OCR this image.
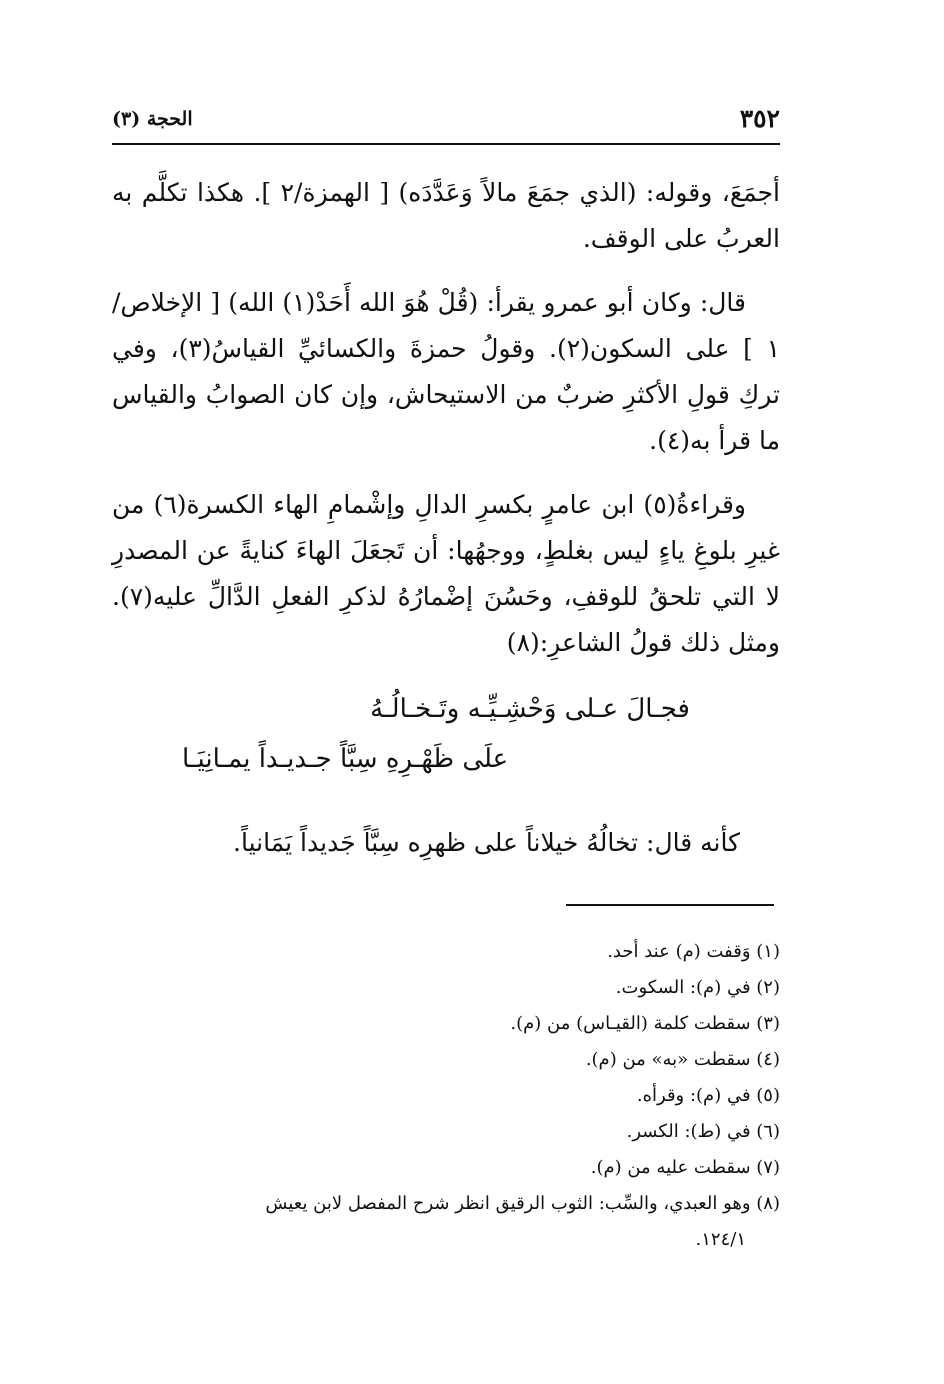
٣٥٢
الحجة (٣)

أجمَعَ، وقوله: (الذي جمَعَ مالاً وَعَدَّدَه) [ الهمزة/٢ ]. هكذا تكلَّم به العربُ على الوقف.

قال: وكان أبو عمرو يقرأ: (قُلْ هُوَ الله أَحَدْ(١) الله) [ الإخلاص/١ ] على السكون(٢). وقولُ حمزةَ والكسائيِّ القياسُ(٣)، وفي تركِ قولِ الأكثرِ ضربٌ من الاستيحاش، وإن كان الصوابُ والقياس ما قرأ به(٤).

وقراءةُ(٥) ابن عامرٍ بكسرِ الدالِ وإشْمامِ الهاء الكسرة(٦) من غيرِ بلوغِ ياءٍ ليس بغلطٍ، ووجهُها: أن تَجعَلَ الهاءَ كنايةً عن المصدرِ لا التي تلحقُ للوقفِ، وحَسُنَ إضْمارُهُ لذكرِ الفعلِ الدَّالِّ عليه(٧). ومثل ذلك قولُ الشاعرِ:(٨)

فجـالَ عـلى وَحْشِـيِّـه وتَـخـالُـهُ
علَى ظَهْـرِهِ سِبَّاً جـديـداً يمـانِيَـا

كأنه قال: تخالُهُ خيلاناً على ظهرِه سِبَّاً جَديداً يَمَانياً.

(١) وَقفت (م) عند أحد.

(٢) في (م): السكوت.

(٣) سقطت كلمة (القيـاس) من (م).

(٤) سقطت «به» من (م).

(٥) في (م): وقرأه.

(٦) في (ط): الكسر.

(٧) سقطت عليه من (م).

(٨) وهو العبدي، والسِّب: الثوب الرقيق انظر شرح المفصل لابن يعيش

١٢٤/١.
